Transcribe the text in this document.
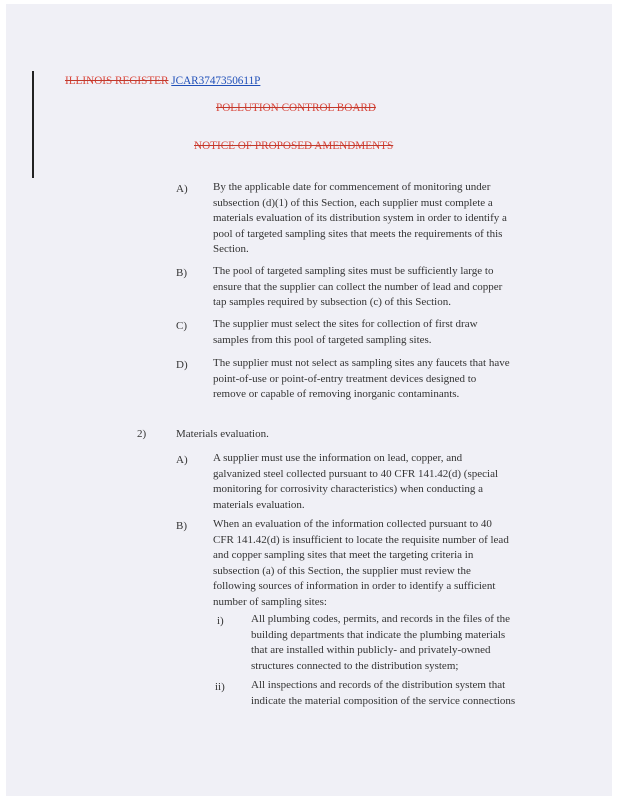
ILLINOIS REGISTER JCAR3747350611P
POLLUTION CONTROL BOARD
NOTICE OF PROPOSED AMENDMENTS
A) By the applicable date for commencement of monitoring under
subsection (d)(1) of this Section, each supplier must complete a
materials evaluation of its distribution system in order to identify a
pool of targeted sampling sites that meets the requirements of this
Section.
B) The pool of targeted sampling sites must be sufficiently large to
ensure that the supplier can collect the number of lead and copper
tap samples required by subsection (c) of this Section.
C) The supplier must select the sites for collection of first draw
samples from this pool of targeted sampling sites.
D) The supplier must not select as sampling sites any faucets that have
point-of-use or point-of-entry treatment devices designed to
remove or capable of removing inorganic contaminants.
2)	Materials evaluation.
A) A supplier must use the information on lead, copper, and
galvanized steel collected pursuant to 40 CFR 141.42(d) (special
monitoring for corrosivity characteristics) when conducting a
materials evaluation.
B) When an evaluation of the information collected pursuant to 40
CFR 141.42(d) is insufficient to locate the requisite number of lead
and copper sampling sites that meet the targeting criteria in
subsection (a) of this Section, the supplier must review the
following sources of information in order to identify a sufficient
number of sampling sites:
i) All plumbing codes, permits, and records in the files of the
building departments that indicate the plumbing materials
that are installed within publicly- and privately-owned
structures connected to the distribution system;
ii) All inspections and records of the distribution system that
indicate the material composition of the service connections
